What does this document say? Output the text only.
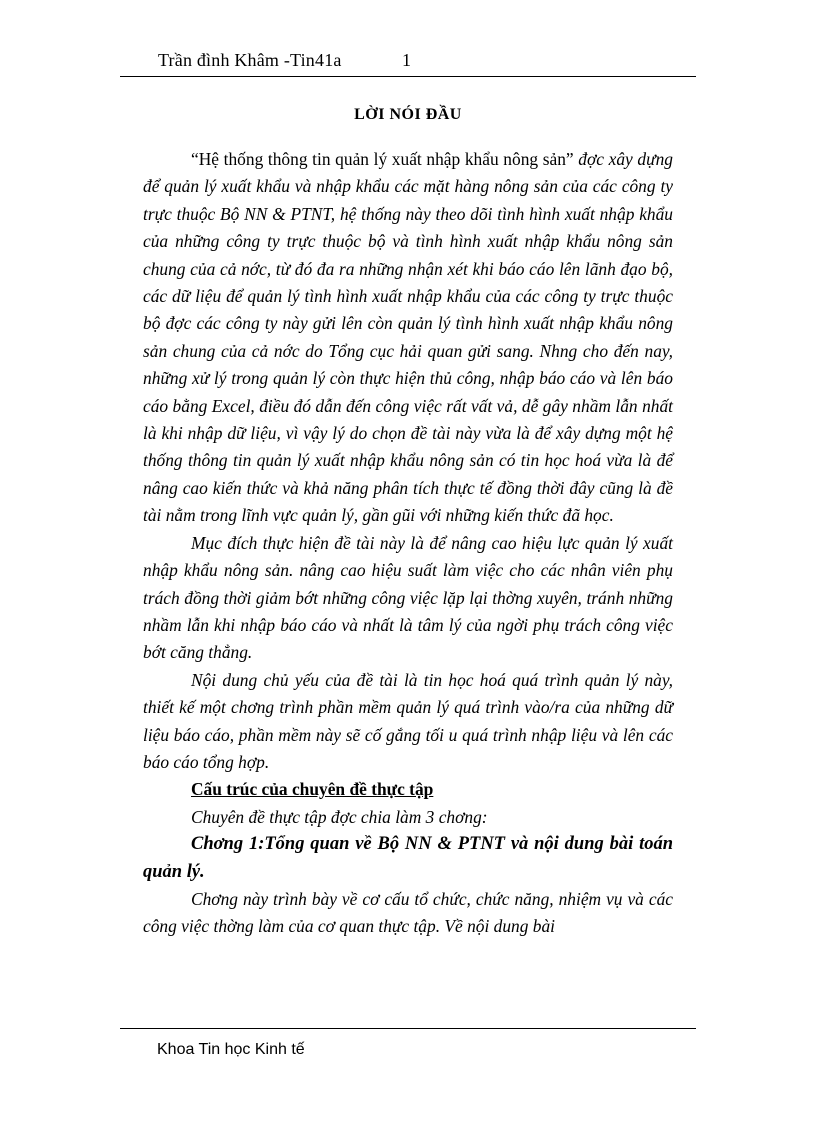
Trần đình Khâm -Tin41a	1
LỜI NÓI ĐẦU

“Hệ thống thông tin quản lý xuất nhập khẩu nông sản” đợc xây dựng để quản lý xuất khẩu và nhập khẩu các mặt hàng nông sản của các công ty trực thuộc Bộ NN & PTNT, hệ thống này theo dõi tình hình xuất nhập khẩu của những công ty trực thuộc bộ và tình hình xuất nhập khẩu nông sản chung của cả nớc, từ đó đa ra những nhận xét khi báo cáo lên lãnh đạo bộ, các dữ liệu để quản lý tình hình xuất nhập khẩu của các công ty trực thuộc bộ đợc các công ty này gửi lên còn quản lý tình hình xuất nhập khẩu nông sản chung của cả nớc do Tổng cục hải quan gửi sang. Nhng cho đến nay, những xử lý trong quản lý còn thực hiện thủ công, nhập báo cáo và lên báo cáo bằng Excel, điều đó dẫn đến công việc rất vất vả, dễ gây nhầm lẫn nhất là khi nhập dữ liệu, vì vậy lý do chọn đề tài này vừa là để xây dựng một hệ thống thông tin quản lý xuất nhập khẩu nông sản có tin học hoá vừa là để nâng cao kiến thức và khả năng phân tích thực tế đồng thời đây cũng là đề tài nằm trong lĩnh vực quản lý, gần gũi với những kiến thức đã học.

Mục đích thực hiện đề tài này là để nâng cao hiệu lực quản lý xuất nhập khẩu nông sản. nâng cao hiệu suất làm việc cho các nhân viên phụ trách đồng thời giảm bớt những công việc lặp lại thờng xuyên, tránh những nhầm lẫn khi nhập báo cáo và nhất là tâm lý của ngời phụ trách công việc bớt căng thẳng.

Nội dung chủ yếu của đề tài là tin học hoá quá trình quản lý này, thiết kế một chơng trình phần mềm quản lý quá trình vào/ra của những dữ liệu báo cáo, phần mềm này sẽ cố gắng tối u quá trình nhập liệu và lên các báo cáo tổng hợp.

Cấu trúc của chuyên đề thực tập

Chuyên đề thực tập đợc chia làm 3 chơng:

Chơng 1:Tổng quan về Bộ NN & PTNT và nội dung bài toán quản lý.

Chơng này trình bày về cơ cấu tổ chức, chức năng, nhiệm vụ và các công việc thờng làm của cơ quan thực tập. Về nội dung bài

Khoa Tin học Kinh tế
